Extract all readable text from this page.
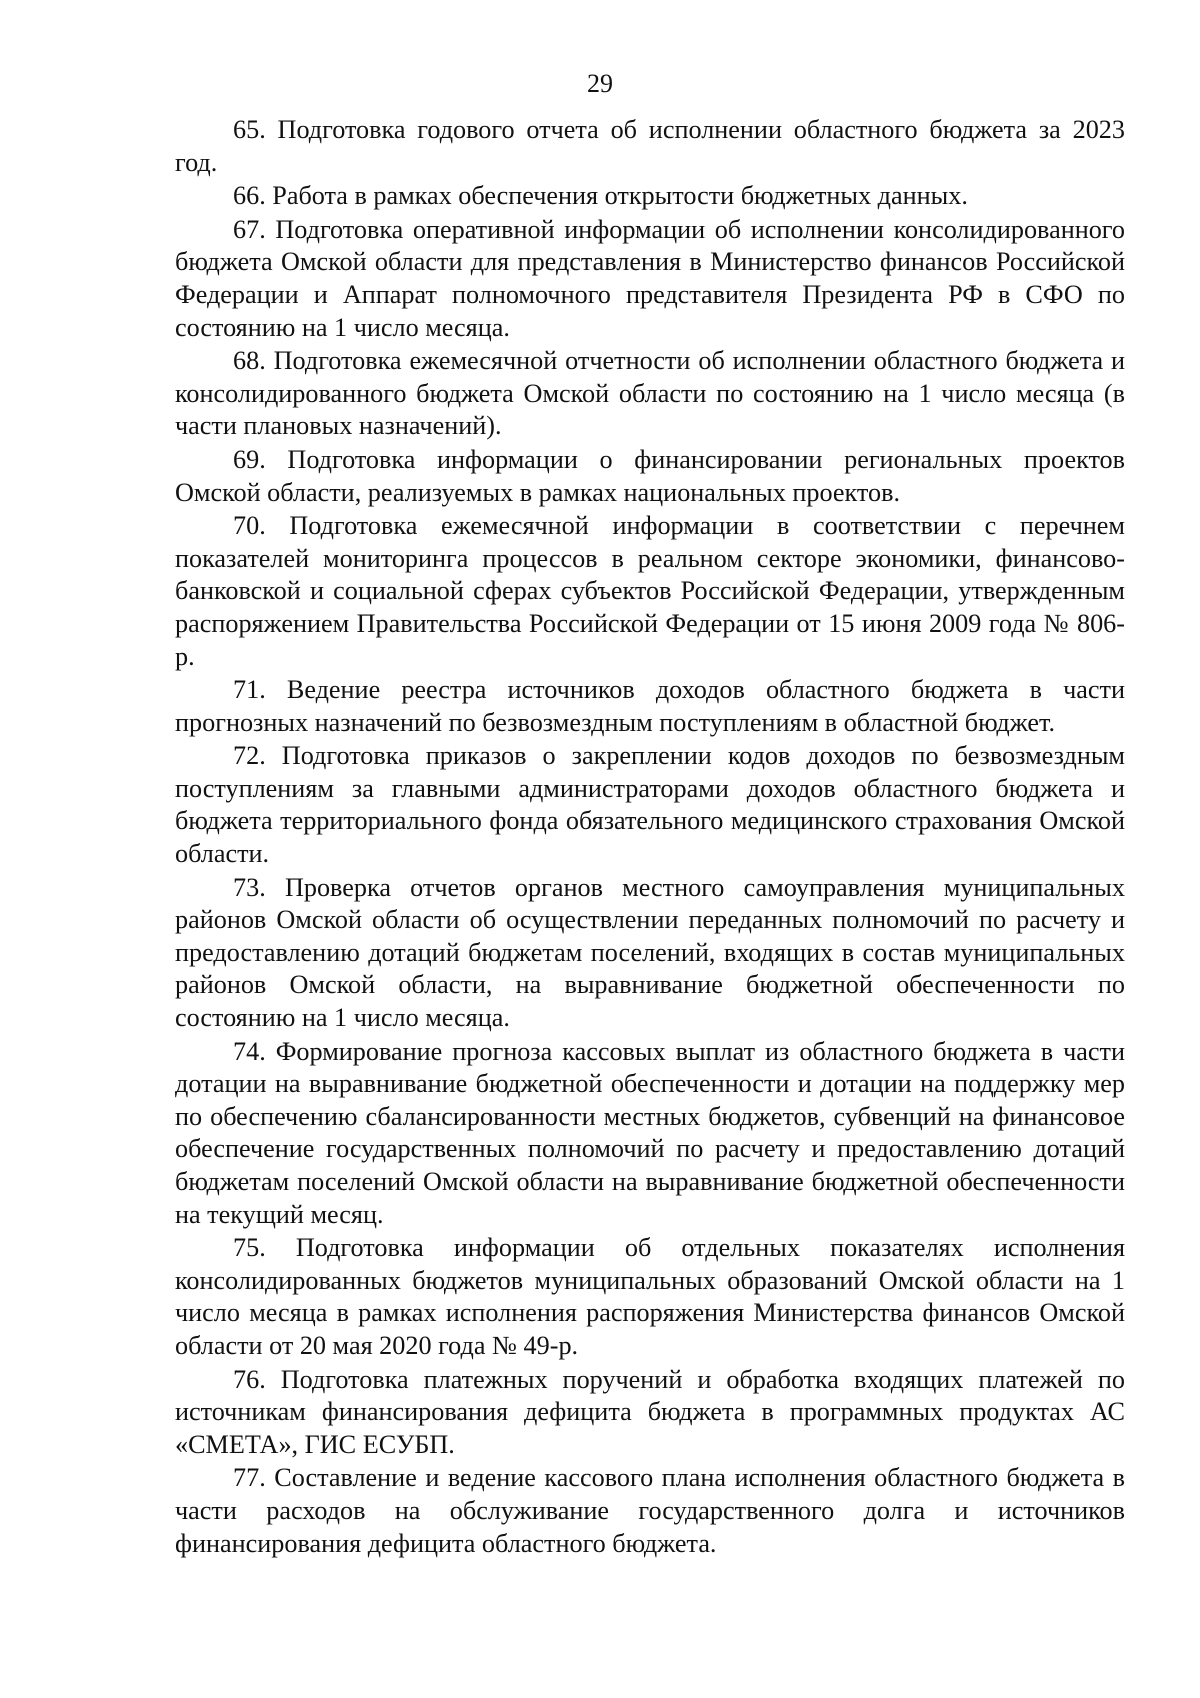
29

65. Подготовка годового отчета об исполнении областного бюджета за 2023 год.

66. Работа в рамках обеспечения открытости бюджетных данных.

67. Подготовка оперативной информации об исполнении консолидированного бюджета Омской области для представления в Министерство финансов Российской Федерации и Аппарат полномочного представителя Президента РФ в СФО по состоянию на 1 число месяца.

68. Подготовка ежемесячной отчетности об исполнении областного бюджета и консолидированного бюджета Омской области по состоянию на 1 число месяца (в части плановых назначений).

69. Подготовка информации о финансировании региональных проектов Омской области, реализуемых в рамках национальных проектов.

70. Подготовка ежемесячной информации в соответствии с перечнем показателей мониторинга процессов в реальном секторе экономики, финансово-банковской и социальной сферах субъектов Российской Федерации, утвержденным распоряжением Правительства Российской Федерации от 15 июня 2009 года № 806-р.

71. Ведение реестра источников доходов областного бюджета в части прогнозных назначений по безвозмездным поступлениям в областной бюджет.

72. Подготовка приказов о закреплении кодов доходов по безвозмездным поступлениям за главными администраторами доходов областного бюджета и бюджета территориального фонда обязательного медицинского страхования Омской области.

73. Проверка отчетов органов местного самоуправления муниципальных районов Омской области об осуществлении переданных полномочий по расчету и предоставлению дотаций бюджетам поселений, входящих в состав муниципальных районов Омской области, на выравнивание бюджетной обеспеченности по состоянию на 1 число месяца.

74. Формирование прогноза кассовых выплат из областного бюджета в части дотации на выравнивание бюджетной обеспеченности и дотации на поддержку мер по обеспечению сбалансированности местных бюджетов, субвенций на финансовое обеспечение государственных полномочий по расчету и предоставлению дотаций бюджетам поселений Омской области на выравнивание бюджетной обеспеченности на текущий месяц.

75. Подготовка информации об отдельных показателях исполнения консолидированных бюджетов муниципальных образований Омской области на 1 число месяца в рамках исполнения распоряжения Министерства финансов Омской области от 20 мая 2020 года № 49-р.

76. Подготовка платежных поручений и обработка входящих платежей по источникам финансирования дефицита бюджета в программных продуктах АС «СМЕТА», ГИС ЕСУБП.

77. Составление и ведение кассового плана исполнения областного бюджета в части расходов на обслуживание государственного долга и источников финансирования дефицита областного бюджета.
